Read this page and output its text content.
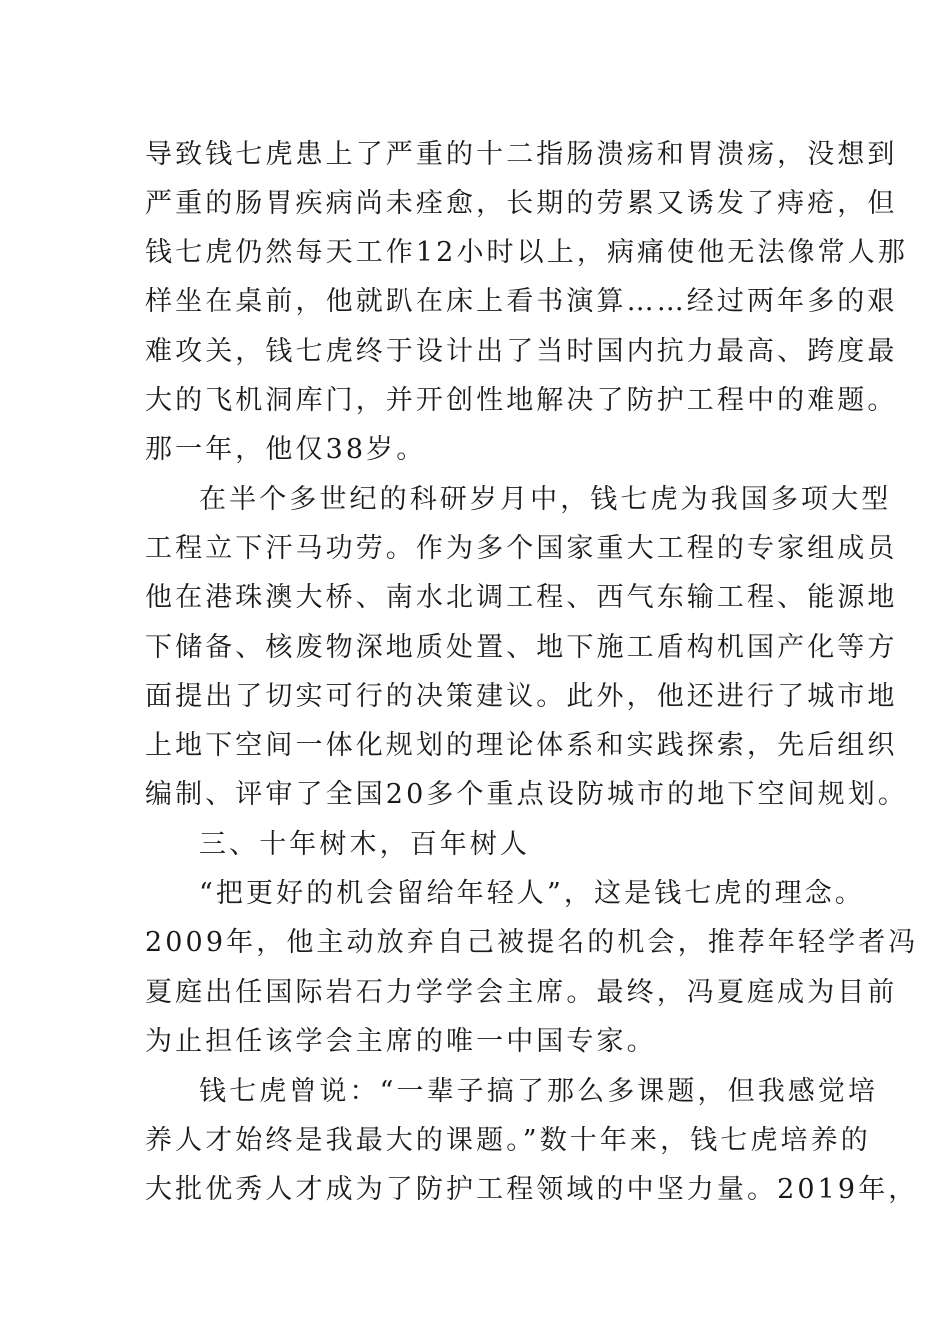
导致钱七虎患上了严重的十二指肠溃疡和胃溃疡，没想到
严重的肠胃疾病尚未痊愈，长期的劳累又诱发了痔疮，但
钱七虎仍然每天工作12小时以上，病痛使他无法像常人那
样坐在桌前，他就趴在床上看书演算……经过两年多的艰
难攻关，钱七虎终于设计出了当时国内抗力最高、跨度最
大的飞机洞库门，并开创性地解决了防护工程中的难题。
那一年，他仅38岁。
在半个多世纪的科研岁月中，钱七虎为我国多项大型
工程立下汗马功劳。作为多个国家重大工程的专家组成员
他在港珠澳大桥、南水北调工程、西气东输工程、能源地
下储备、核废物深地质处置、地下施工盾构机国产化等方
面提出了切实可行的决策建议。此外，他还进行了城市地
上地下空间一体化规划的理论体系和实践探索，先后组织
编制、评审了全国20多个重点设防城市的地下空间规划。
三、十年树木，百年树人
“把更好的机会留给年轻人”，这是钱七虎的理念。
2009年，他主动放弃自己被提名的机会，推荐年轻学者冯
夏庭出任国际岩石力学学会主席。最终，冯夏庭成为目前
为止担任该学会主席的唯一中国专家。
钱七虎曾说：“一辈子搞了那么多课题，但我感觉培
养人才始终是我最大的课题。”数十年来，钱七虎培养的
大批优秀人才成为了防护工程领域的中坚力量。2019年，
